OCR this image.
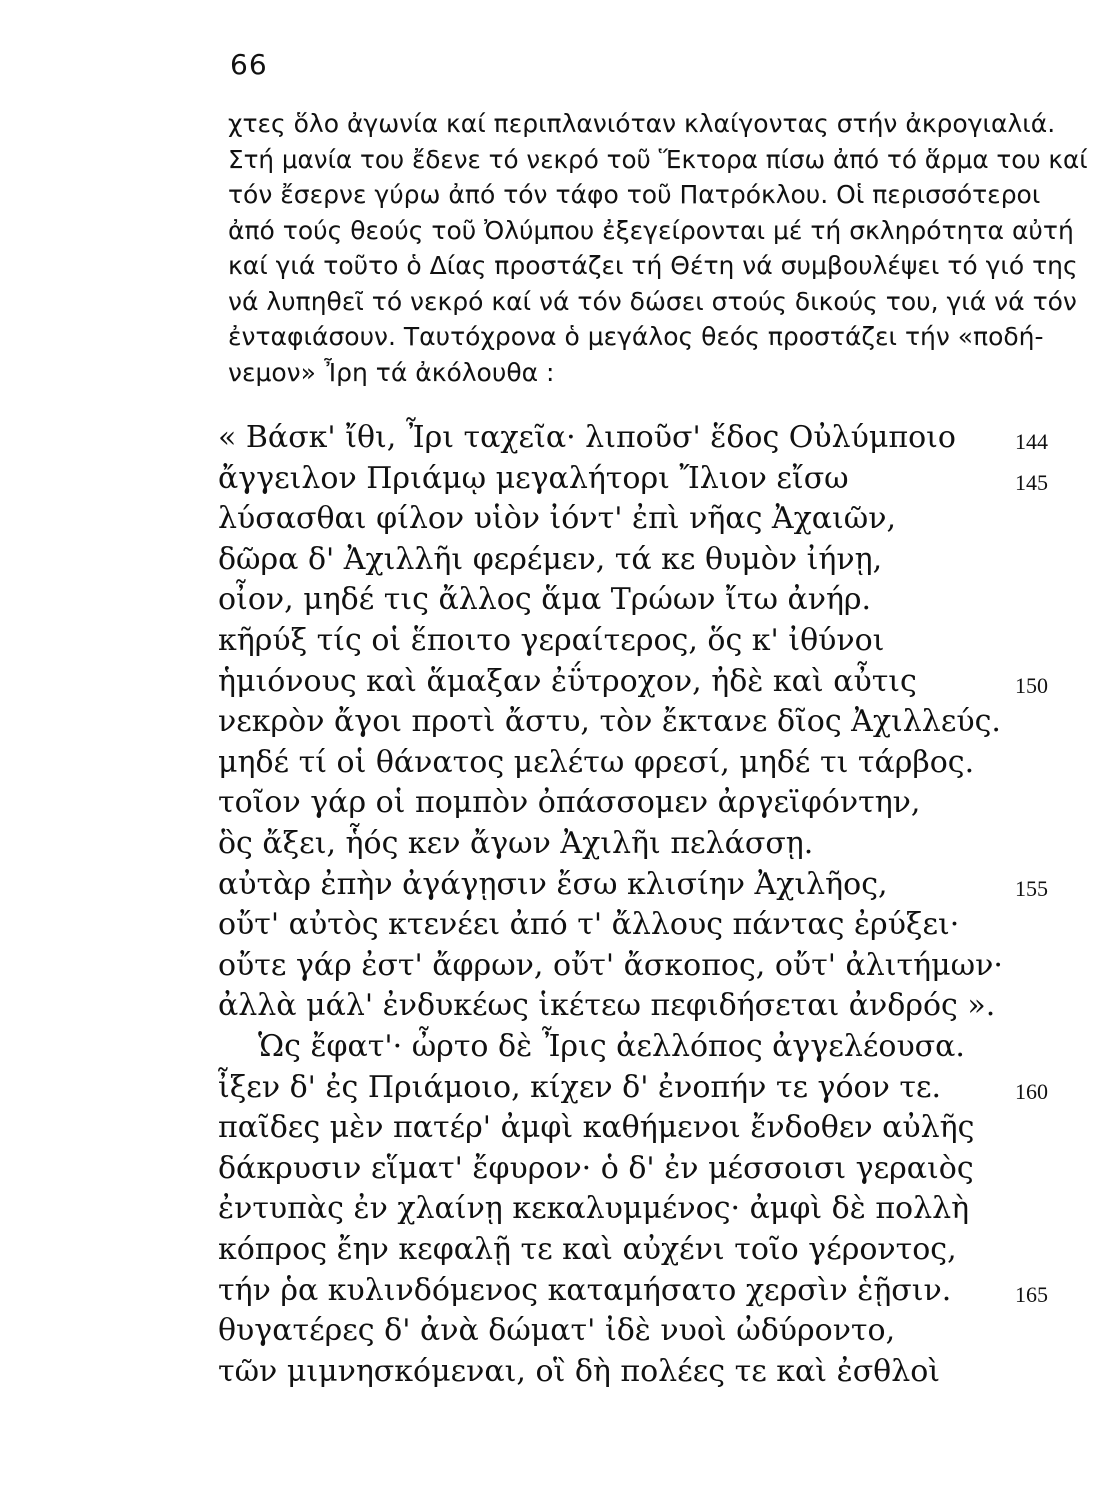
66
χτες ὅλο ἀγωνία καί περιπλανιόταν κλαίγοντας στήν ἀκρογιαλιά.
Στή μανία του ἔδενε τό νεκρό τοῦ Ἕκτορα πίσω ἀπό τό ἅρμα του καί
τόν ἔσερνε γύρω ἀπό τόν τάφο τοῦ Πατρόκλου. Οἱ περισσότεροι
ἀπό τούς θεούς τοῦ Ὀλύμπου ἐξεγείρονται μέ τή σκληρότητα αὐτή
καί γιά τοῦτο ὁ Δίας προστάζει τή Θέτη νά συμβουλέψει τό γιό της
νά λυπηθεῖ τό νεκρό καί νά τόν δώσει στούς δικούς του, γιά νά τόν
ἐνταφιάσουν. Ταυτόχρονα ὁ μεγάλος θεός προστάζει τήν «ποδή-
νεμον» Ἶρη τά ἀκόλουθα :
« Βάσκ' ἴθι, Ἶρι ταχεῖα· λιποῦσ' ἕδος Οὐλύμποιο	144
ἄγγειλον Πριάμῳ μεγαλήτορι Ἴλιον εἴσω	145
λύσασθαι φίλον υἱὸν ἰόντ' ἐπὶ νῆας Ἀχαιῶν,
δῶρα δ' Ἀχιλλῆι φερέμεν, τά κε θυμὸν ἰήνῃ,
οἶον, μηδέ τις ἄλλος ἅμα Τρώων ἴτω ἀνήρ.
κῆρύξ τίς οἱ ἕποιτο γεραίτερος, ὅς κ' ἰθύνοι
ἡμιόνους καὶ ἅμαξαν ἐΰτροχον, ἠδὲ καὶ αὖτις	150
νεκρὸν ἄγοι προτὶ ἄστυ, τὸν ἔκτανε δῖος Ἀχιλλεύς.
μηδέ τί οἱ θάνατος μελέτω φρεσί, μηδέ τι τάρβος.
τοῖον γάρ οἱ πομπὸν ὀπάσσομεν ἀργεϊφόντην,
ὃς ἄξει, ἧός κεν ἄγων Ἀχιλῆι πελάσσῃ.
αὐτὰρ ἐπὴν ἀγάγῃσιν ἔσω κλισίην Ἀχιλῆος,	155
οὔτ' αὐτὸς κτενέει ἀπό τ' ἄλλους πάντας ἐρύξει·
οὔτε γάρ ἐστ' ἄφρων, οὔτ' ἄσκοπος, οὔτ' ἀλιτήμων·
ἀλλὰ μάλ' ἐνδυκέως ἱκέτεω πεφιδήσεται ἀνδρός ».
Ὡς ἔφατ'· ὦρτο δὲ Ἶρις ἀελλόπος ἀγγελέουσα.
ἶξεν δ' ἐς Πριάμοιο, κίχεν δ' ἐνοπήν τε γόον τε.	160
παῖδες μὲν πατέρ' ἀμφὶ καθήμενοι ἔνδοθεν αὐλῆς
δάκρυσιν εἵματ' ἔφυρον· ὁ δ' ἐν μέσσοισι γεραιὸς
ἐντυπὰς ἐν χλαίνῃ κεκαλυμμένος· ἀμφὶ δὲ πολλὴ
κόπρος ἔην κεφαλῇ τε καὶ αὐχένι τοῖο γέροντος,
τήν ῥα κυλινδόμενος καταμήσατο χερσὶν ἑῇσιν.	165
θυγατέρες δ' ἀνὰ δώματ' ἰδὲ νυοὶ ὠδύροντο,
τῶν μιμνησκόμεναι, οἳ δὴ πολέες τε καὶ ἐσθλοὶ
